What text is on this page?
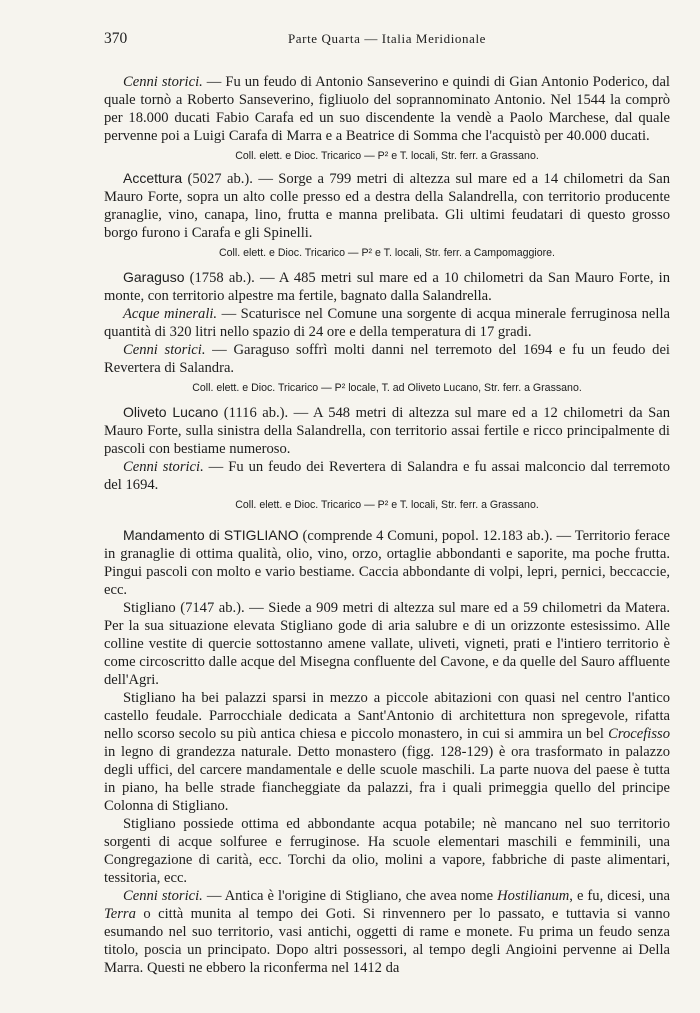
370	Parte Quarta — Italia Meridionale

Cenni storici. — Fu un feudo di Antonio Sanseverino e quindi di Gian Antonio Poderico, dal quale tornò a Roberto Sanseverino, figliuolo del soprannominato Antonio. Nel 1544 la comprò per 18.000 ducati Fabio Carafa ed un suo discendente la vendè a Paolo Marchese, dal quale pervenne poi a Luigi Carafa di Marra e a Beatrice di Somma che l'acquistò per 40.000 ducati.

Coll. elett. e Dioc. Tricarico — P² e T. locali, Str. ferr. a Grassano.

Accettura (5027 ab.). — Sorge a 799 metri di altezza sul mare ed a 14 chilometri da San Mauro Forte, sopra un alto colle presso ed a destra della Salandrella, con territorio producente granaglie, vino, canapa, lino, frutta e manna prelibata. Gli ultimi feudatari di questo grosso borgo furono i Carafa e gli Spinelli.

Coll. elett. e Dioc. Tricarico — P² e T. locali, Str. ferr. a Campomaggiore.

Garaguso (1758 ab.). — A 485 metri sul mare ed a 10 chilometri da San Mauro Forte, in monte, con territorio alpestre ma fertile, bagnato dalla Salandrella.

Acque minerali. — Scaturisce nel Comune una sorgente di acqua minerale ferruginosa nella quantità di 320 litri nello spazio di 24 ore e della temperatura di 17 gradi.

Cenni storici. — Garaguso soffrì molti danni nel terremoto del 1694 e fu un feudo dei Revertera di Salandra.

Coll. elett. e Dioc. Tricarico — P² locale, T. ad Oliveto Lucano, Str. ferr. a Grassano.

Oliveto Lucano (1116 ab.). — A 548 metri di altezza sul mare ed a 12 chilometri da San Mauro Forte, sulla sinistra della Salandrella, con territorio assai fertile e ricco principalmente di pascoli con bestiame numeroso.

Cenni storici. — Fu un feudo dei Revertera di Salandra e fu assai malconcio dal terremoto del 1694.

Coll. elett. e Dioc. Tricarico — P² e T. locali, Str. ferr. a Grassano.

Mandamento di STIGLIANO (comprende 4 Comuni, popol. 12.183 ab.). — Territorio ferace in granaglie di ottima qualità, olio, vino, orzo, ortaglie abbondanti e saporite, ma poche frutta. Pingui pascoli con molto e vario bestiame. Caccia abbondante di volpi, lepri, pernici, beccaccie, ecc.

Stigliano (7147 ab.). — Siede a 909 metri di altezza sul mare ed a 59 chilometri da Matera. Per la sua situazione elevata Stigliano gode di aria salubre e di un orizzonte estesissimo. Alle colline vestite di quercie sottostanno amene vallate, uliveti, vigneti, prati e l'intiero territorio è come circoscritto dalle acque del Misegna confluente del Cavone, e da quelle del Sauro affluente dell'Agri.

Stigliano ha bei palazzi sparsi in mezzo a piccole abitazioni con quasi nel centro l'antico castello feudale. Parrocchiale dedicata a Sant'Antonio di architettura non spregevole, rifatta nello scorso secolo su più antica chiesa e piccolo monastero, in cui si ammira un bel Crocefisso in legno di grandezza naturale. Detto monastero (figg. 128-129) è ora trasformato in palazzo degli uffici, del carcere mandamentale e delle scuole maschili. La parte nuova del paese è tutta in piano, ha belle strade fiancheggiate da palazzi, fra i quali primeggia quello del principe Colonna di Stigliano.

Stigliano possiede ottima ed abbondante acqua potabile; nè mancano nel suo territorio sorgenti di acque solfuree e ferruginose. Ha scuole elementari maschili e femminili, una Congregazione di carità, ecc. Torchi da olio, molini a vapore, fabbriche di paste alimentari, tessitoria, ecc.

Cenni storici. — Antica è l'origine di Stigliano, che avea nome Hostilianum, e fu, dicesi, una Terra o città munita al tempo dei Goti. Si rinvennero per lo passato, e tuttavia si vanno esumando nel suo territorio, vasi antichi, oggetti di rame e monete. Fu prima un feudo senza titolo, poscia un principato. Dopo altri possessori, al tempo degli Angioini pervenne ai Della Marra. Questi ne ebbero la riconferma nel 1412 da
